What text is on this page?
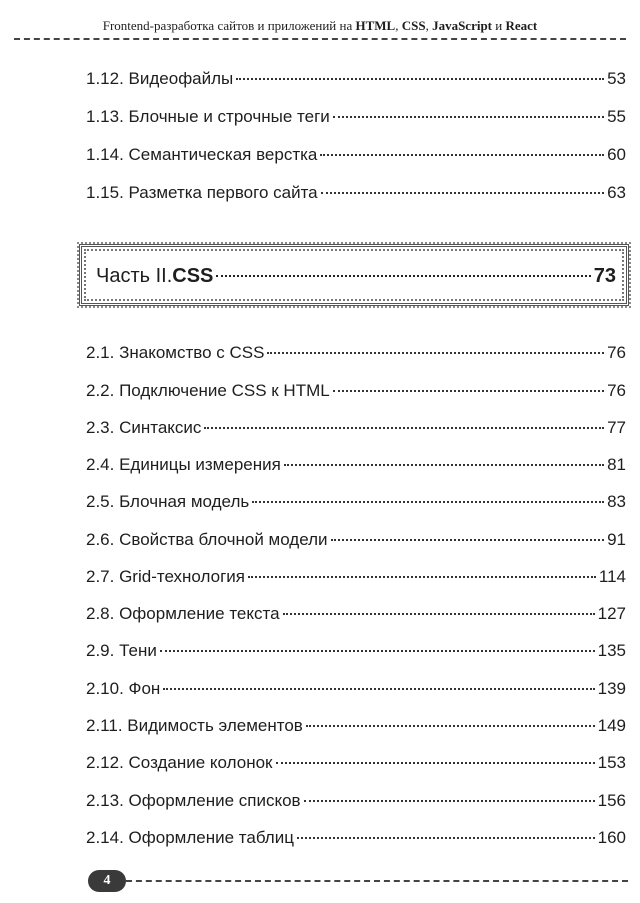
Frontend-разработка сайтов и приложений на HTML, CSS, JavaScript и React
1.12. Видеофайлы	53
1.13. Блочные и строчные теги	55
1.14. Семантическая верстка	60
1.15. Разметка первого сайта	63
Часть II. CSS	73
2.1. Знакомство с CSS	76
2.2. Подключение CSS к HTML	76
2.3. Синтаксис	77
2.4. Единицы измерения	81
2.5. Блочная модель	83
2.6. Свойства блочной модели	91
2.7. Grid-технология	114
2.8. Оформление текста	127
2.9. Тени	135
2.10. Фон	139
2.11. Видимость элементов	149
2.12. Создание колонок	153
2.13. Оформление списков	156
2.14. Оформление таблиц	160
4
